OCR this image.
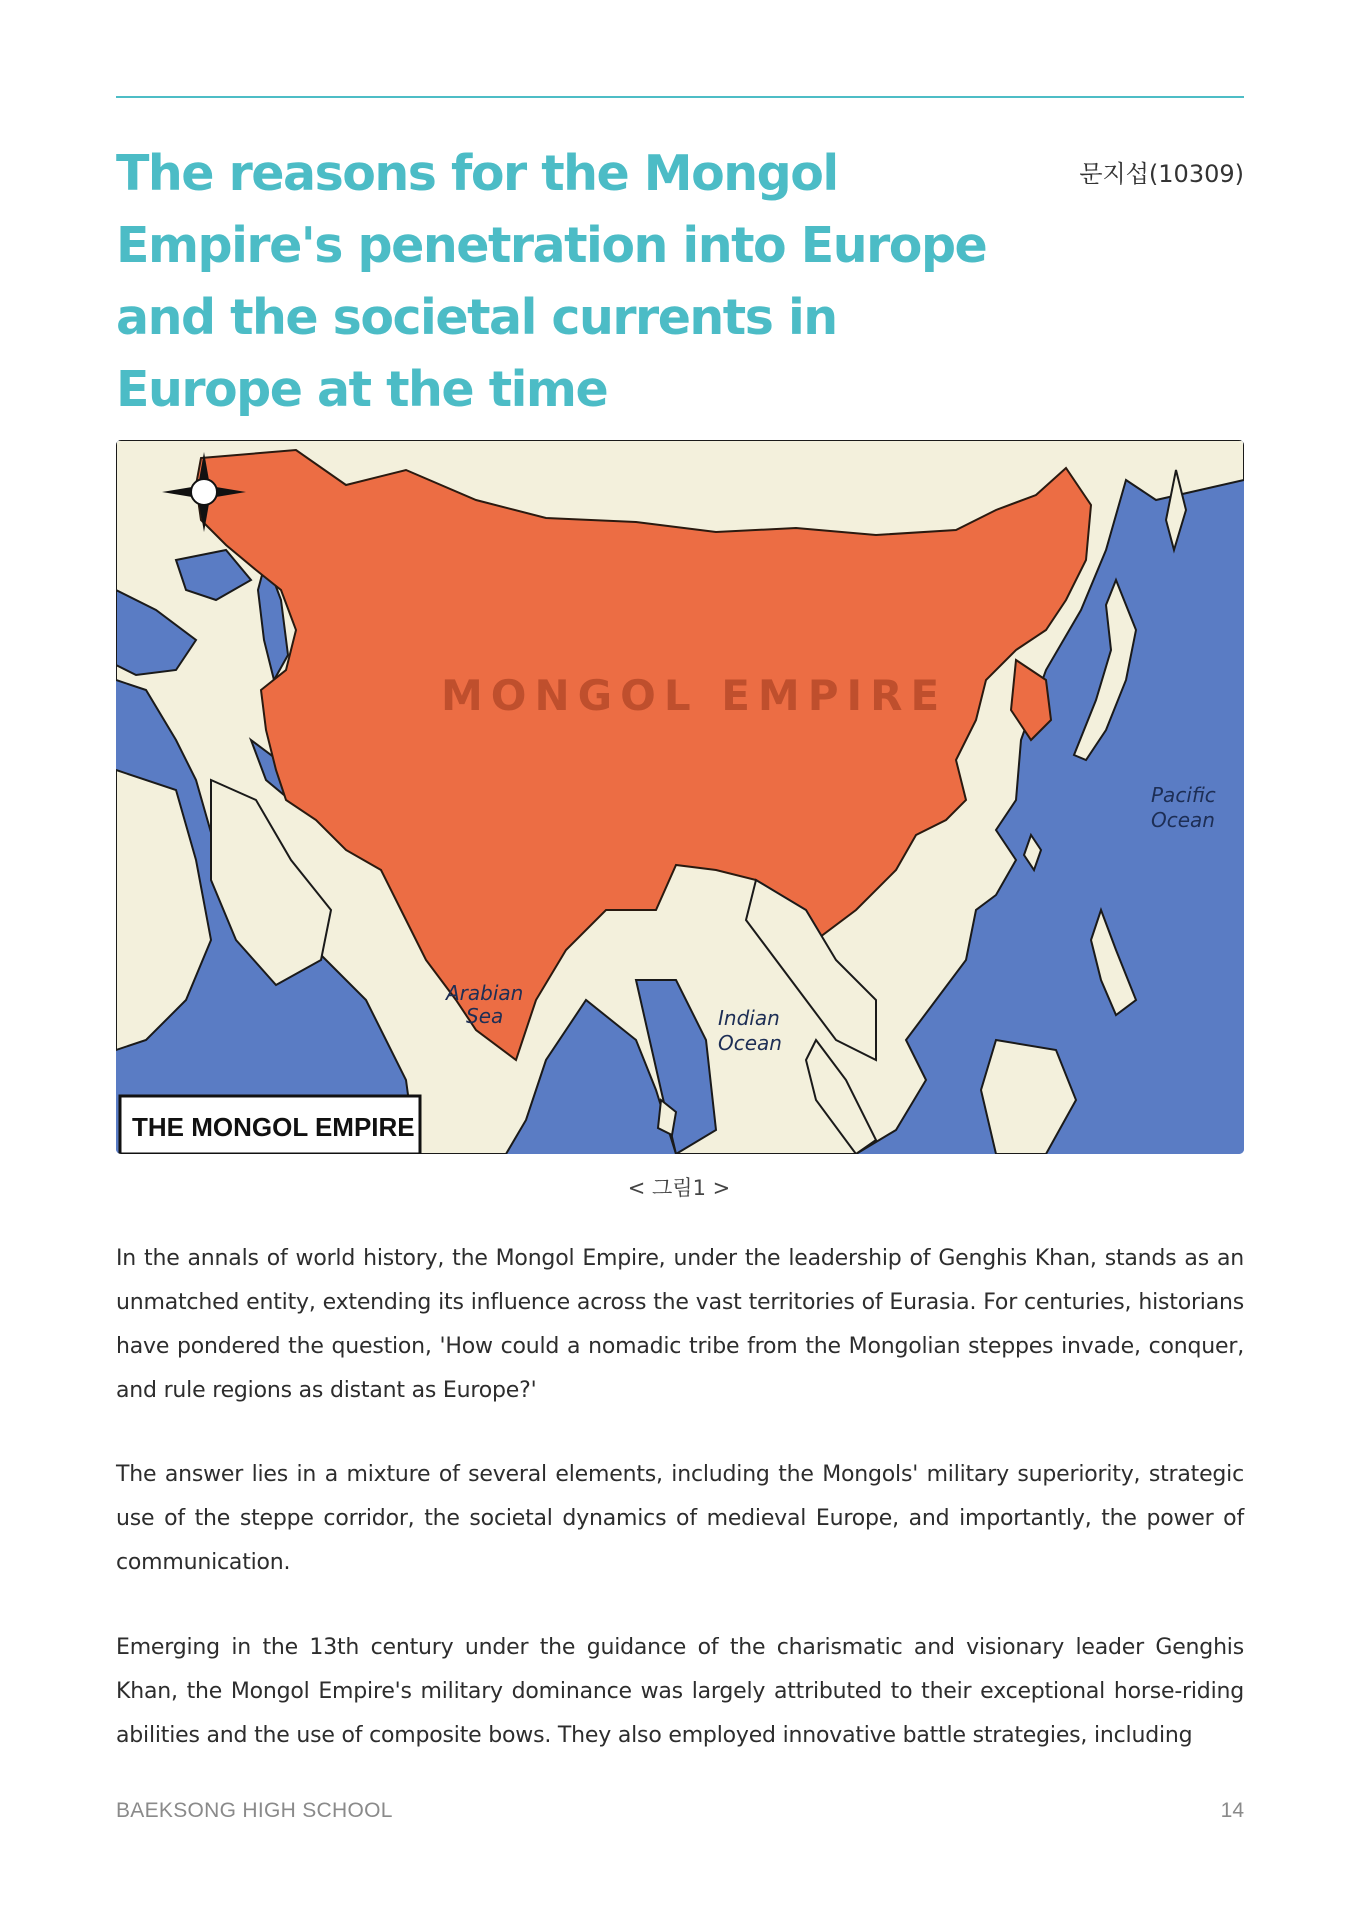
The reasons for the Mongol Empire's penetration into Europe and the societal currents in Europe at the time
문지섭(10309)
MONGOL EMPIRE
Arabian
Sea	Indian
Ocean
Pacific
Ocean
THE MONGOL EMPIRE
< 그림1 >

In the annals of world history, the Mongol Empire, under the leadership of Genghis Khan, stands as an unmatched entity, extending its influence across the vast territories of Eurasia. For centuries, historians have pondered the question, 'How could a nomadic tribe from the Mongolian steppes invade, conquer, and rule regions as distant as Europe?'

The answer lies in a mixture of several elements, including the Mongols' military superiority, strategic use of the steppe corridor, the societal dynamics of medieval Europe, and importantly, the power of communication.

Emerging in the 13th century under the guidance of the charismatic and visionary leader Genghis Khan, the Mongol Empire's military dominance was largely attributed to their exceptional horse-riding abilities and the use of composite bows. They also employed innovative battle strategies, including

BAEKSONG HIGH SCHOOL	14
